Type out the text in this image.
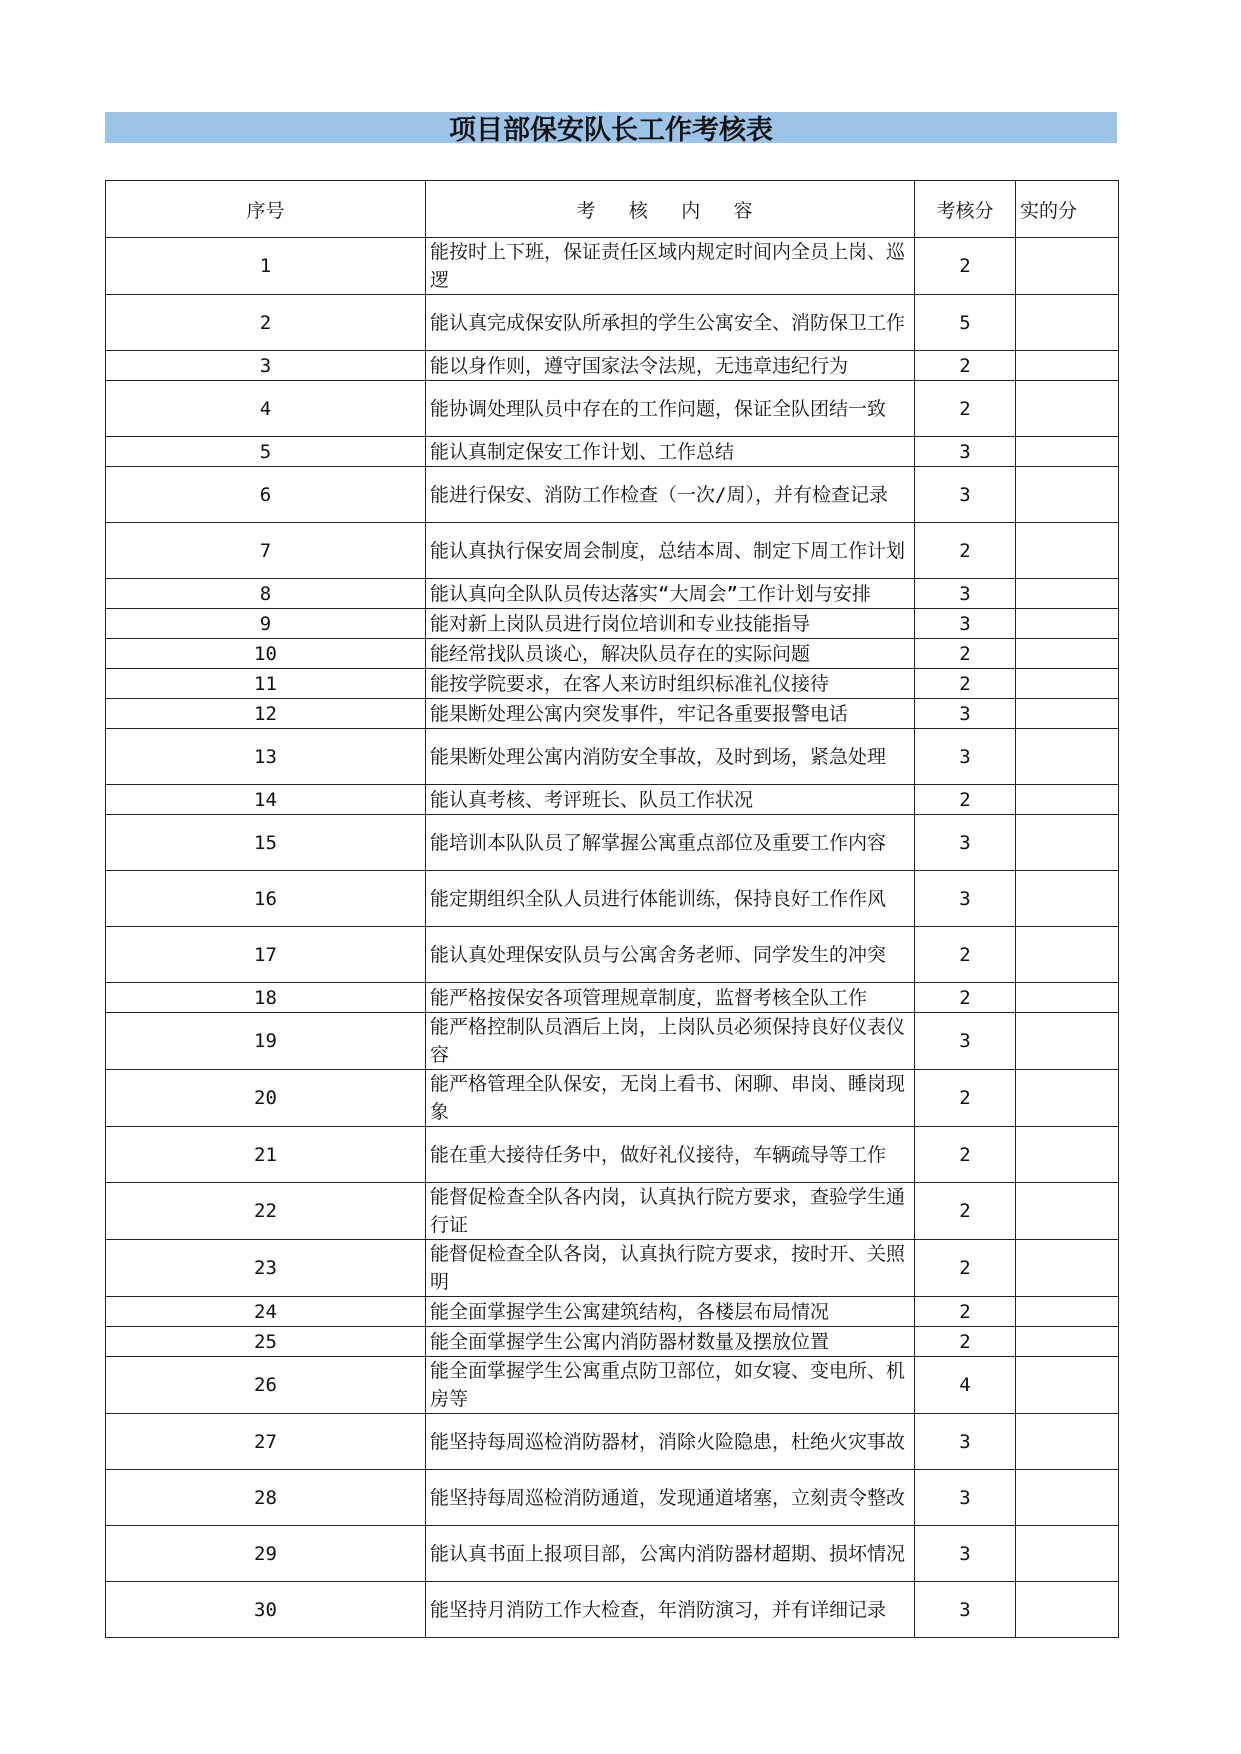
项目部保安队长工作考核表
序号	考 核 内 容	考核分	实的分
1	能按时上下班，保证责任区域内规定时间内全员上岗、巡逻	2	
2	能认真完成保安队所承担的学生公寓安全、消防保卫工作	5	
3	能以身作则，遵守国家法令法规，无违章违纪行为	2	
4	能协调处理队员中存在的工作问题，保证全队团结一致	2	
5	能认真制定保安工作计划、工作总结	3	
6	能进行保安、消防工作检查（一次/周），并有检查记录	3	
7	能认真执行保安周会制度，总结本周、制定下周工作计划	2	
8	能认真向全队队员传达落实“大周会”工作计划与安排	3	
9	能对新上岗队员进行岗位培训和专业技能指导	3	
10	能经常找队员谈心，解决队员存在的实际问题	2	
11	能按学院要求，在客人来访时组织标准礼仪接待	2	
12	能果断处理公寓内突发事件，牢记各重要报警电话	3	
13	能果断处理公寓内消防安全事故，及时到场，紧急处理	3	
14	能认真考核、考评班长、队员工作状况	2	
15	能培训本队队员了解掌握公寓重点部位及重要工作内容	3	
16	能定期组织全队人员进行体能训练，保持良好工作作风	3	
17	能认真处理保安队员与公寓舍务老师、同学发生的冲突	2	
18	能严格按保安各项管理规章制度，监督考核全队工作	2	
19	能严格控制队员酒后上岗，上岗队员必须保持良好仪表仪容	3	
20	能严格管理全队保安，无岗上看书、闲聊、串岗、睡岗现象	2	
21	能在重大接待任务中，做好礼仪接待，车辆疏导等工作	2	
22	能督促检查全队各内岗，认真执行院方要求，查验学生通行证	2	
23	能督促检查全队各岗，认真执行院方要求，按时开、关照明	2	
24	能全面掌握学生公寓建筑结构，各楼层布局情况	2	
25	能全面掌握学生公寓内消防器材数量及摆放位置	2	
26	能全面掌握学生公寓重点防卫部位，如女寝、变电所、机房等	4	
27	能坚持每周巡检消防器材，消除火险隐患，杜绝火灾事故	3	
28	能坚持每周巡检消防通道，发现通道堵塞，立刻责令整改	3	
29	能认真书面上报项目部，公寓内消防器材超期、损坏情况	3	
30	能坚持月消防工作大检查，年消防演习，并有详细记录	3	
